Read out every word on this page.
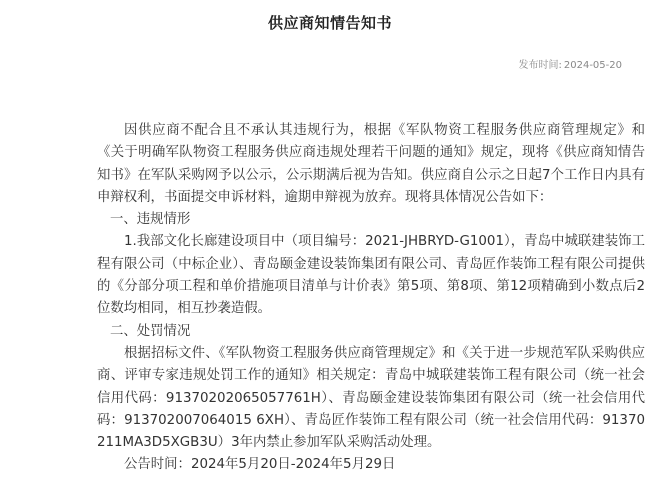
供应商知情告知书
发布时间: 2024-05-20

因供应商不配合且不承认其违规行为，根据《军队物资工程服务供应商管理规定》和《关于明确军队物资工程服务供应商违规处理若干问题的通知》规定，现将《供应商知情告知书》在军队采购网予以公示，公示期满后视为告知。供应商自公示之日起7个工作日内具有申辩权利，书面提交申诉材料，逾期申辩视为放弃。现将具体情况公告如下：

一、违规情形

1.我部文化长廊建设项目中（项目编号：2021-JHBRYD-G1001），青岛中城联建装饰工程有限公司（中标企业）、青岛颐金建设装饰集团有限公司、青岛匠作装饰工程有限公司提供的《分部分项工程和单价措施项目清单与计价表》第5项、第8项、第12项精确到小数点后2位数均相同，相互抄袭造假。

二、处罚情况

根据招标文件、《军队物资工程服务供应商管理规定》和《关于进一步规范军队采购供应商、评审专家违规处罚工作的通知》相关规定：青岛中城联建装饰工程有限公司（统一社会信用代码：91370202065057761H）、青岛颐金建设装饰集团有限公司（统一社会信用代码：913702007064015 6XH）、青岛匠作装饰工程有限公司（统一社会信用代码：91370211MA3D5XGB3U）3年内禁止参加军队采购活动处理。

公告时间：2024年5月20日-2024年5月29日
